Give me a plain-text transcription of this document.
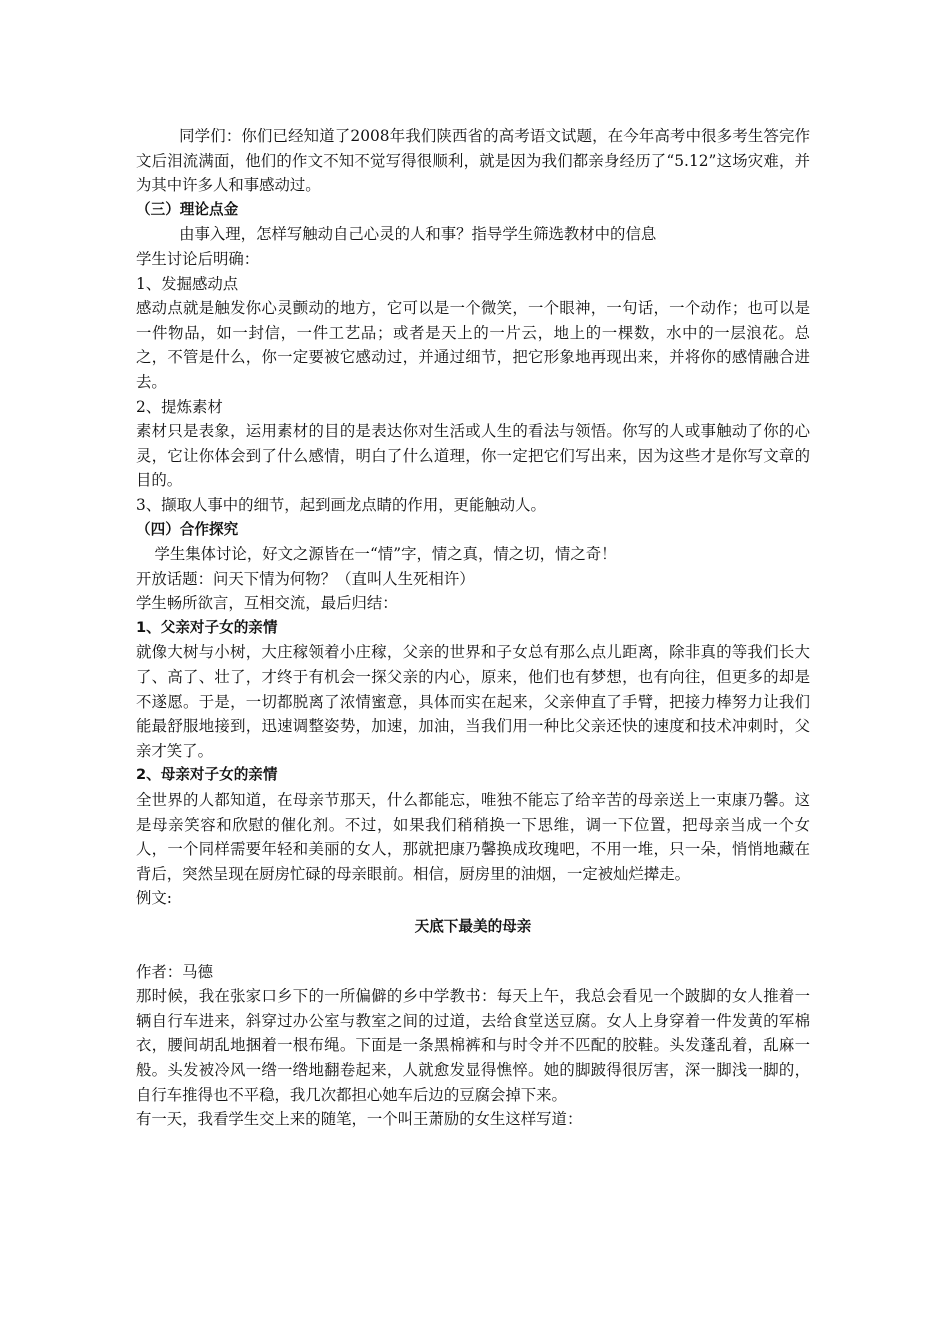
同学们：你们已经知道了2008年我们陕西省的高考语文试题，在今年高考中很多考生答完作文后泪流满面，他们的作文不知不觉写得很顺利，就是因为我们都亲身经历了“5.12”这场灾难，并为其中许多人和事感动过。

（三）理论点金

由事入理，怎样写触动自己心灵的人和事？指导学生筛选教材中的信息

学生讨论后明确：

1、发掘感动点

感动点就是触发你心灵颤动的地方，它可以是一个微笑，一个眼神，一句话，一个动作；也可以是一件物品，如一封信，一件工艺品；或者是天上的一片云，地上的一棵数，水中的一层浪花。总之，不管是什么，你一定要被它感动过，并通过细节，把它形象地再现出来，并将你的感情融合进去。

2、提炼素材

素材只是表象，运用素材的目的是表达你对生活或人生的看法与领悟。你写的人或事触动了你的心灵，它让你体会到了什么感情，明白了什么道理，你一定把它们写出来，因为这些才是你写文章的目的。

3、撷取人事中的细节，起到画龙点睛的作用，更能触动人。

（四）合作探究

学生集体讨论，好文之源皆在一“情”字，情之真，情之切，情之奇！

开放话题：问天下情为何物？（直叫人生死相许）

学生畅所欲言，互相交流，最后归结：

1、父亲对子女的亲情

就像大树与小树，大庄稼领着小庄稼，父亲的世界和子女总有那么点儿距离，除非真的等我们长大了、高了、壮了，才终于有机会一探父亲的内心，原来，他们也有梦想，也有向往，但更多的却是不遂愿。于是，一切都脱离了浓情蜜意，具体而实在起来，父亲伸直了手臂，把接力棒努力让我们能最舒服地接到，迅速调整姿势，加速，加油，当我们用一种比父亲还快的速度和技术冲刺时，父亲才笑了。

2、母亲对子女的亲情

全世界的人都知道，在母亲节那天，什么都能忘，唯独不能忘了给辛苦的母亲送上一束康乃馨。这是母亲笑容和欣慰的催化剂。不过，如果我们稍稍换一下思维，调一下位置，把母亲当成一个女人，一个同样需要年轻和美丽的女人，那就把康乃馨换成玫瑰吧，不用一堆，只一朵，悄悄地藏在背后，突然呈现在厨房忙碌的母亲眼前。相信，厨房里的油烟，一定被灿烂撵走。

例文:

天底下最美的母亲

作者：马德

那时候，我在张家口乡下的一所偏僻的乡中学教书：每天上午，我总会看见一个跛脚的女人推着一辆自行车进来，斜穿过办公室与教室之间的过道，去给食堂送豆腐。女人上身穿着一件发黄的军棉衣，腰间胡乱地捆着一根布绳。下面是一条黑棉裤和与时令并不匹配的胶鞋。头发蓬乱着，乱麻一般。头发被冷风一绺一绺地翻卷起来，人就愈发显得憔悴。她的脚跛得很厉害，深一脚浅一脚的，自行车推得也不平稳，我几次都担心她车后边的豆腐会掉下来。

有一天，我看学生交上来的随笔，一个叫王萧励的女生这样写道：
